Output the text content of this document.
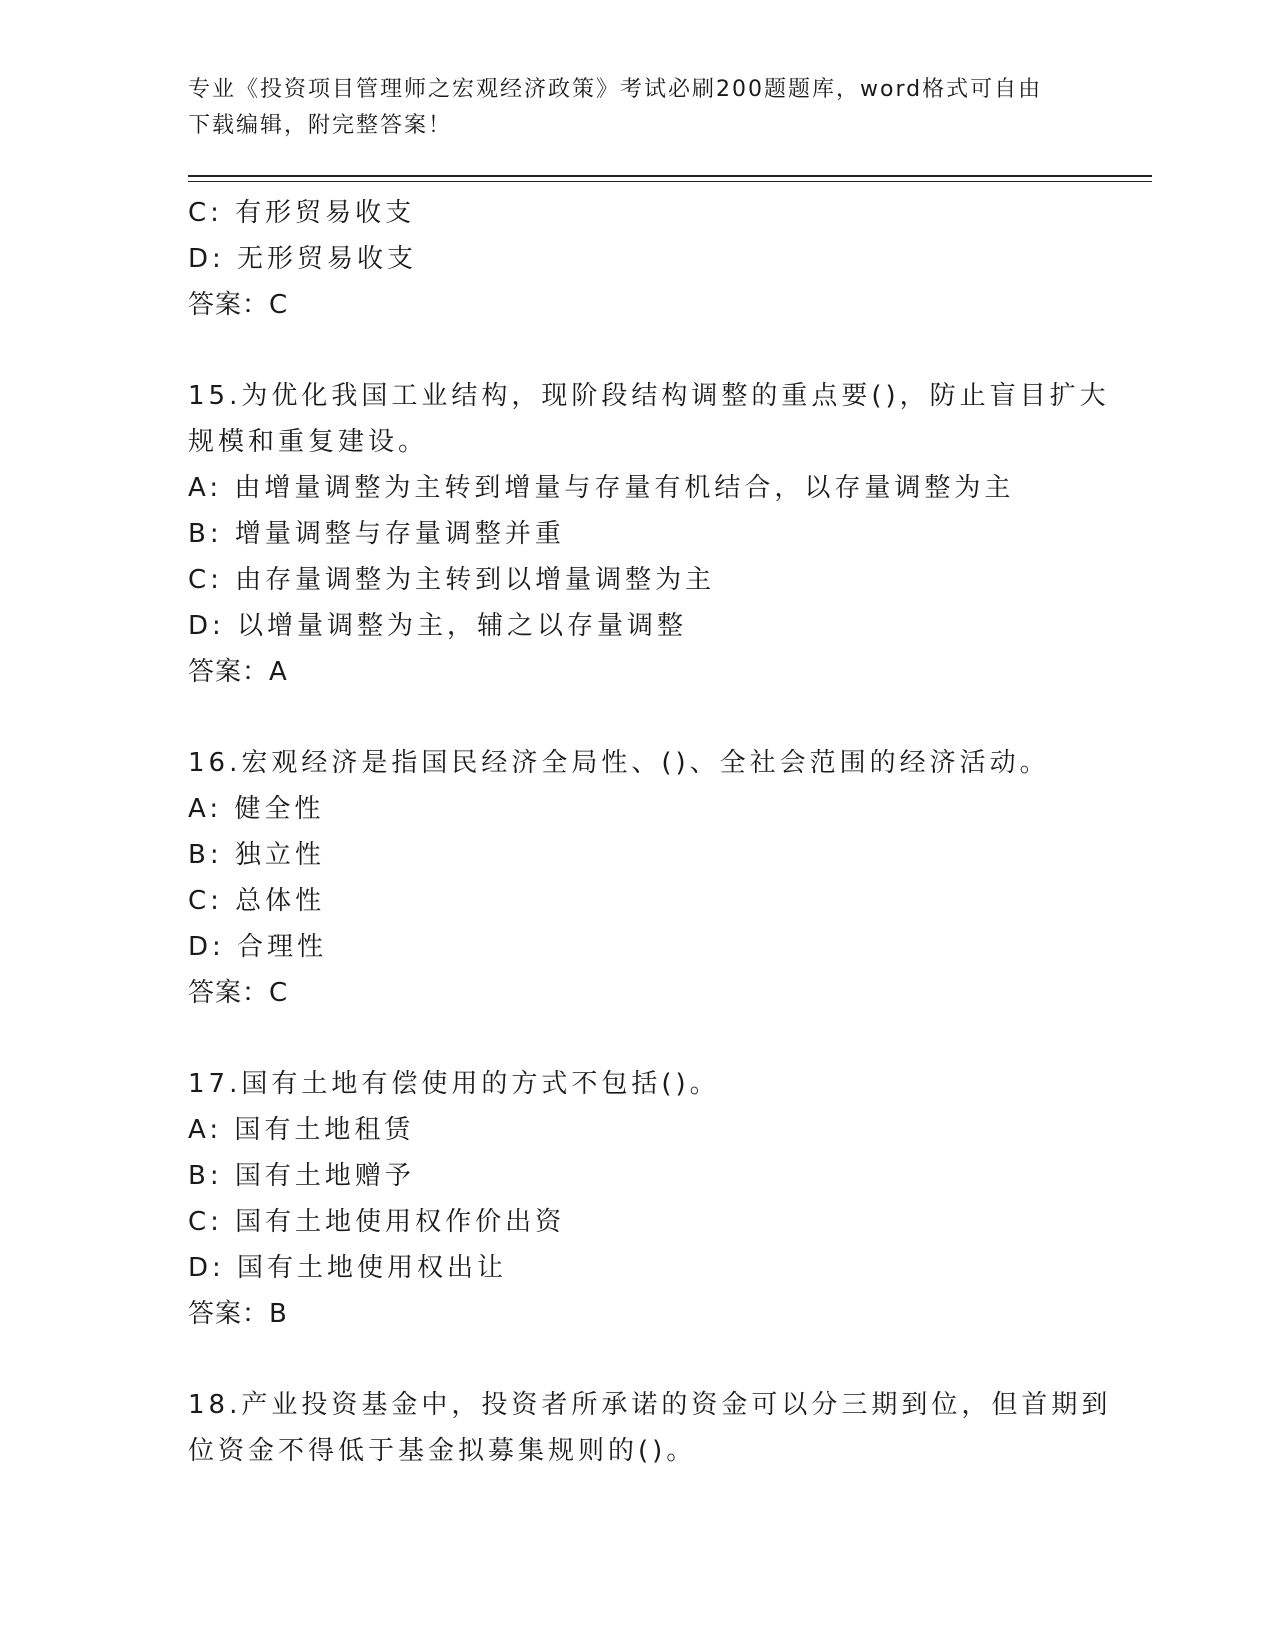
专业《投资项目管理师之宏观经济政策》考试必刷200题题库，word格式可自由
下载编辑，附完整答案！
C: 有形贸易收支
D: 无形贸易收支
答案：C
15.为优化我国工业结构，现阶段结构调整的重点要()，防止盲目扩大
规模和重复建设。
A: 由增量调整为主转到增量与存量有机结合，以存量调整为主
B: 增量调整与存量调整并重
C: 由存量调整为主转到以增量调整为主
D: 以增量调整为主，辅之以存量调整
答案：A
16.宏观经济是指国民经济全局性、()、全社会范围的经济活动。
A: 健全性
B: 独立性
C: 总体性
D: 合理性
答案：C
17.国有土地有偿使用的方式不包括()。
A: 国有土地租赁
B: 国有土地赠予
C: 国有土地使用权作价出资
D: 国有土地使用权出让
答案：B
18.产业投资基金中，投资者所承诺的资金可以分三期到位，但首期到
位资金不得低于基金拟募集规则的()。
